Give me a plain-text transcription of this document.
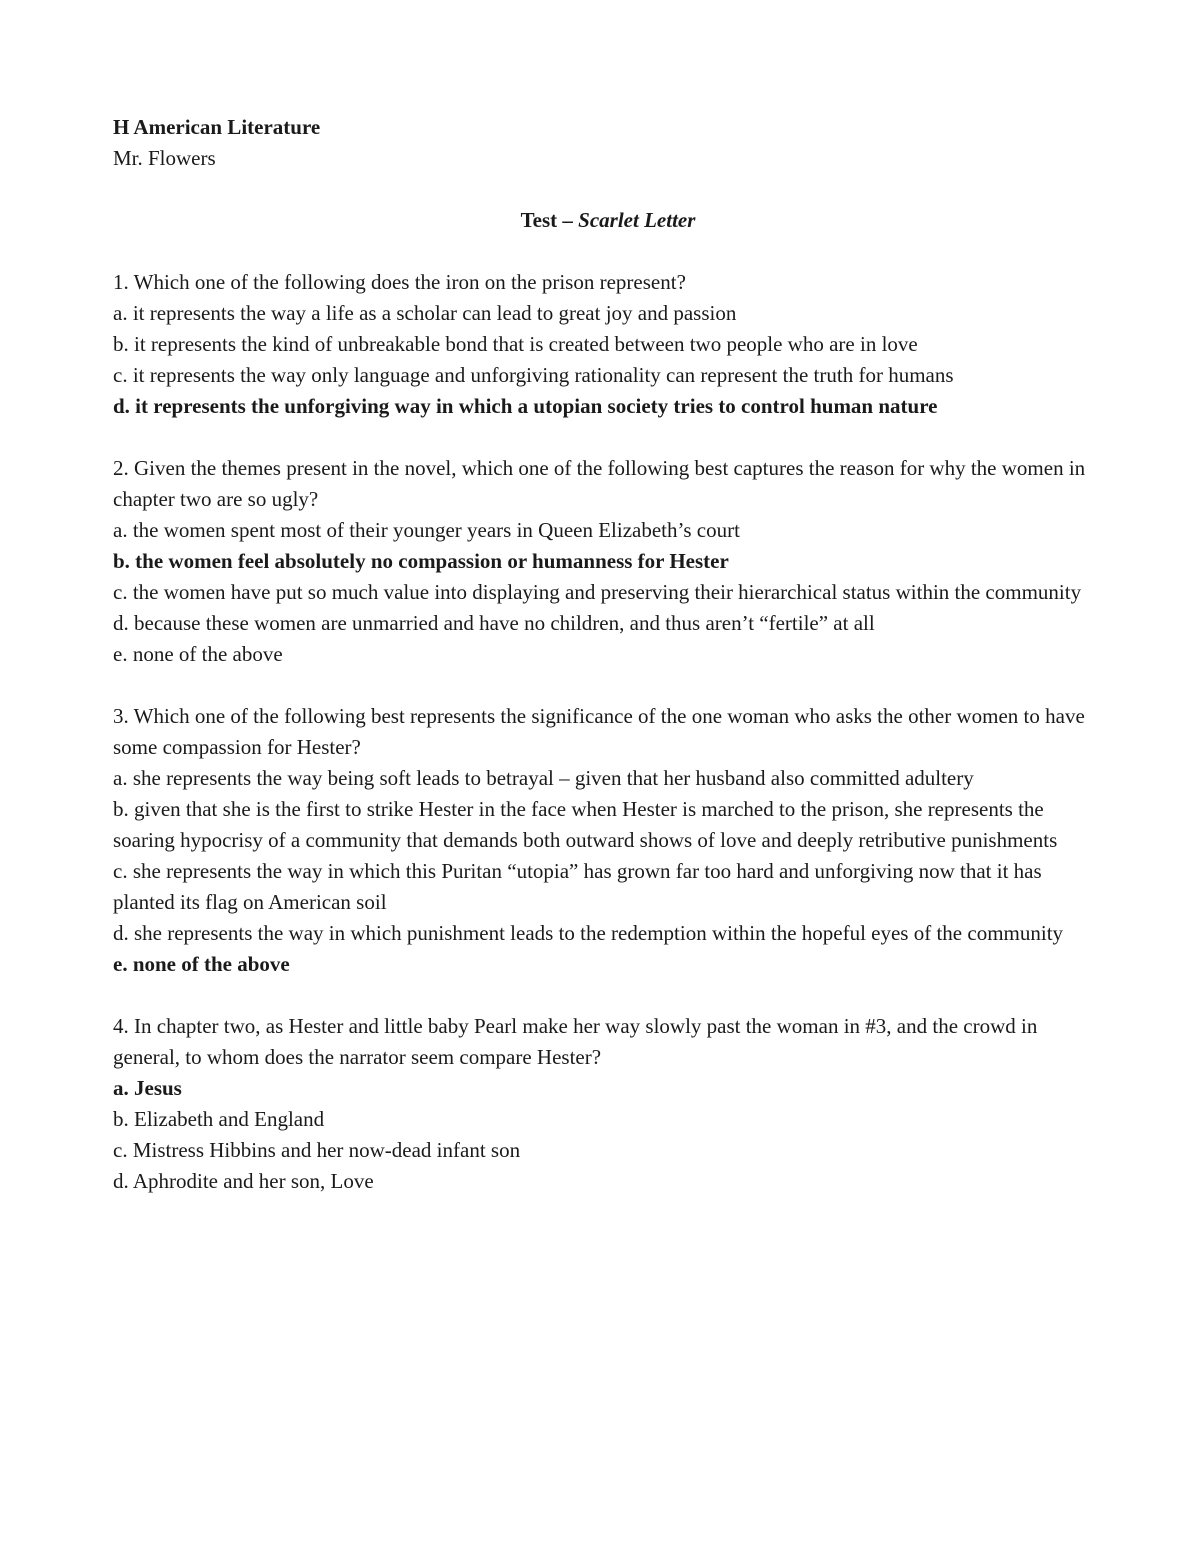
H American Literature

Mr. Flowers

Test – Scarlet Letter

1. Which one of the following does the iron on the prison represent?

a. it represents the way a life as a scholar can lead to great joy and passion

b. it represents the kind of unbreakable bond that is created between two people who are in love

c. it represents the way only language and unforgiving rationality can represent the truth for humans

d. it represents the unforgiving way in which a utopian society tries to control human nature

2. Given the themes present in the novel, which one of the following best captures the reason for why the women in chapter two are so ugly?

a. the women spent most of their younger years in Queen Elizabeth’s court

b. the women feel absolutely no compassion or humanness for Hester

c. the women have put so much value into displaying and preserving their hierarchical status within the community

d. because these women are unmarried and have no children, and thus aren’t “fertile” at all

e. none of the above

3. Which one of the following best represents the significance of the one woman who asks the other women to have some compassion for Hester?

a. she represents the way being soft leads to betrayal – given that her husband also committed adultery

b. given that she is the first to strike Hester in the face when Hester is marched to the prison, she represents the soaring hypocrisy of a community that demands both outward shows of love and deeply retributive punishments

c. she represents the way in which this Puritan “utopia” has grown far too hard and unforgiving now that it has planted its flag on American soil

d. she represents the way in which punishment leads to the redemption within the hopeful eyes of the community

e. none of the above

4. In chapter two, as Hester and little baby Pearl make her way slowly past the woman in #3, and the crowd in general, to whom does the narrator seem compare Hester?

a. Jesus

b. Elizabeth and England

c. Mistress Hibbins and her now-dead infant son

d. Aphrodite and her son, Love
